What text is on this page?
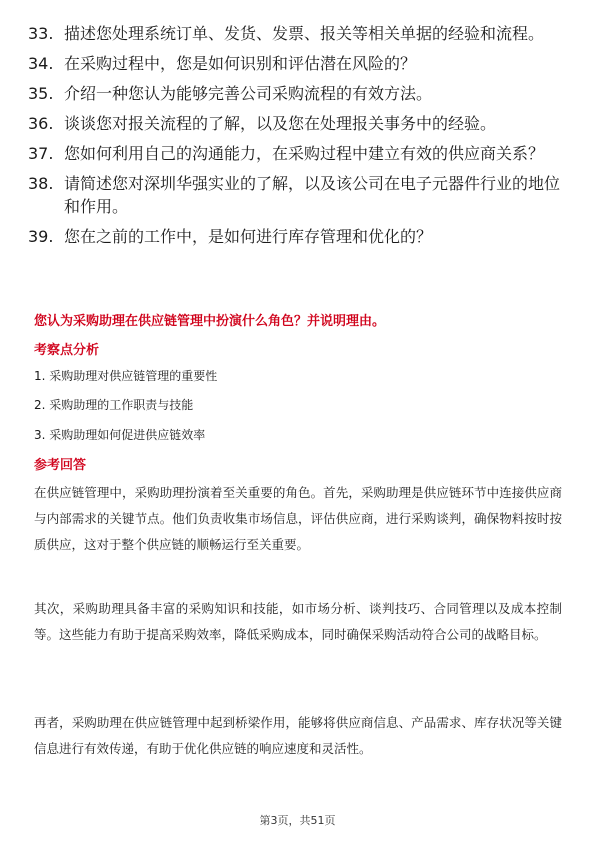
33. 描述您处理系统订单、发货、发票、报关等相关单据的经验和流程。
34. 在采购过程中，您是如何识别和评估潜在风险的？
35. 介绍一种您认为能够完善公司采购流程的有效方法。
36. 谈谈您对报关流程的了解，以及您在处理报关事务中的经验。
37. 您如何利用自己的沟通能力，在采购过程中建立有效的供应商关系？
38. 请简述您对深圳华强实业的了解，以及该公司在电子元器件行业的地位和作用。
39. 您在之前的工作中，是如何进行库存管理和优化的？
您认为采购助理在供应链管理中扮演什么角色？并说明理由。
考察点分析
1. 采购助理对供应链管理的重要性
2. 采购助理的工作职责与技能
3. 采购助理如何促进供应链效率
参考回答
在供应链管理中，采购助理扮演着至关重要的角色。首先，采购助理是供应链环节中连接供应商与内部需求的关键节点。他们负责收集市场信息，评估供应商，进行采购谈判，确保物料按时按质供应，这对于整个供应链的顺畅运行至关重要。
其次，采购助理具备丰富的采购知识和技能，如市场分析、谈判技巧、合同管理以及成本控制等。这些能力有助于提高采购效率，降低采购成本，同时确保采购活动符合公司的战略目标。
再者，采购助理在供应链管理中起到桥梁作用，能够将供应商信息、产品需求、库存状况等关键信息进行有效传递，有助于优化供应链的响应速度和灵活性。
第3页，共51页
